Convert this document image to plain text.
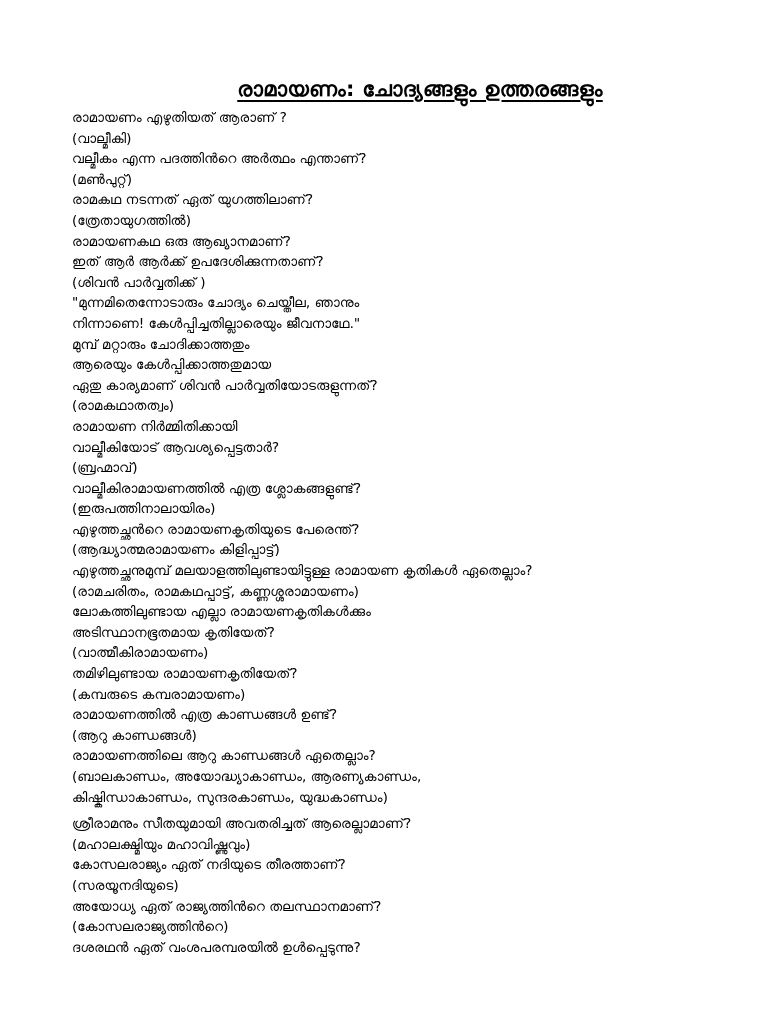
രാമായണം: ചോദ്യങ്ങളും ഉത്തരങ്ങളും
രാമായണം എഴുതിയത് ആരാണ് ?
(വാല്മീകി)
വല്മീകം എന്ന പദത്തിൻറെ അർത്ഥം എന്താണ്?
(മൺപുറ്റ്)
രാമകഥ നടന്നത് ഏത് യുഗത്തിലാണ്?
(ത്രേതായുഗത്തിൽ)
രാമായണകഥ ഒരു ആഖ്യാനമാണ്?
ഇത് ആർ ആർക്ക് ഉപദേശിക്കുന്നതാണ്?
(ശിവൻ പാർവ്വതിക്ക് )
"മുന്നമിതെന്നോടാരും ചോദ്യം ചെയ്തീല, ഞാനും
നിന്നാണെ! കേൾപ്പിച്ചതില്ലാരെയും ജീവനാഥേ."
മുമ്പ് മറ്റാരും ചോദിക്കാത്തതും
ആരെയും കേൾപ്പിക്കാത്തതുമായ
ഏതു കാര്യമാണ് ശിവൻ പാർവ്വതിയോടരുളുന്നത്?
(രാമകഥാതത്വം)
രാമായണ നിർമ്മിതിക്കായി
വാല്മീകിയോട് ആവശ്യപ്പെട്ടതാർ?
(ബ്രഹ്മാവ്)
വാല്മീകിരാമായണത്തിൽ എത്ര ശ്ലോകങ്ങളുണ്ട്?
(ഇരുപത്തിനാലായിരം)
എഴുത്തച്ഛൻറെ രാമായണകൃതിയുടെ പേരെന്ത്?
(ആദ്ധ്യാത്മരാമായണം കിളിപ്പാട്ട്)
എഴുത്തച്ഛനുമുമ്പ് മലയാളത്തിലുണ്ടായിട്ടുള്ള രാമായണ കൃതികൾ ഏതെല്ലാം?
(രാമചരിതം, രാമകഥപ്പാട്ട്, കണ്ണശ്ശരാമായണം)
ലോകത്തിലുണ്ടായ എല്ലാ രാമായണകൃതികൾക്കും
അടിസ്ഥാനഭൂതമായ കൃതിയേത്?
(വാത്മീകിരാമായണം)
തമിഴിലുണ്ടായ രാമായണകൃതിയേത്?
(കമ്പരുടെ കമ്പരാമായണം)
രാമായണത്തിൽ എത്ര കാണ്ഡങ്ങൾ ഉണ്ട്?
(ആറു കാണ്ഡങ്ങൾ)
രാമായണത്തിലെ ആറു കാണ്ഡങ്ങൾ ഏതെല്ലാം?
(ബാലകാണ്ഡം, അയോദ്ധ്യാകാണ്ഡം, ആരണ്യകാണ്ഡം,
കിഷ്കിന്ധാകാണ്ഡം, സുന്ദരകാണ്ഡം, യുദ്ധകാണ്ഡം)
ശ്രീരാമനും സീതയുമായി അവതരിച്ചത് ആരെല്ലാമാണ്?
(മഹാലക്ഷ്മിയും മഹാവിഷ്ണുവും)
കോസലരാജ്യം ഏത് നദിയുടെ തീരത്താണ്?
(സരയൂനദിയുടെ)
അയോധ്യ ഏത് രാജ്യത്തിൻറെ തലസ്ഥാനമാണ്?
(കോസലരാജ്യത്തിൻറെ)
ദശരഥൻ ഏത് വംശപരമ്പരയിൽ ഉൾപ്പെടുന്നു?
